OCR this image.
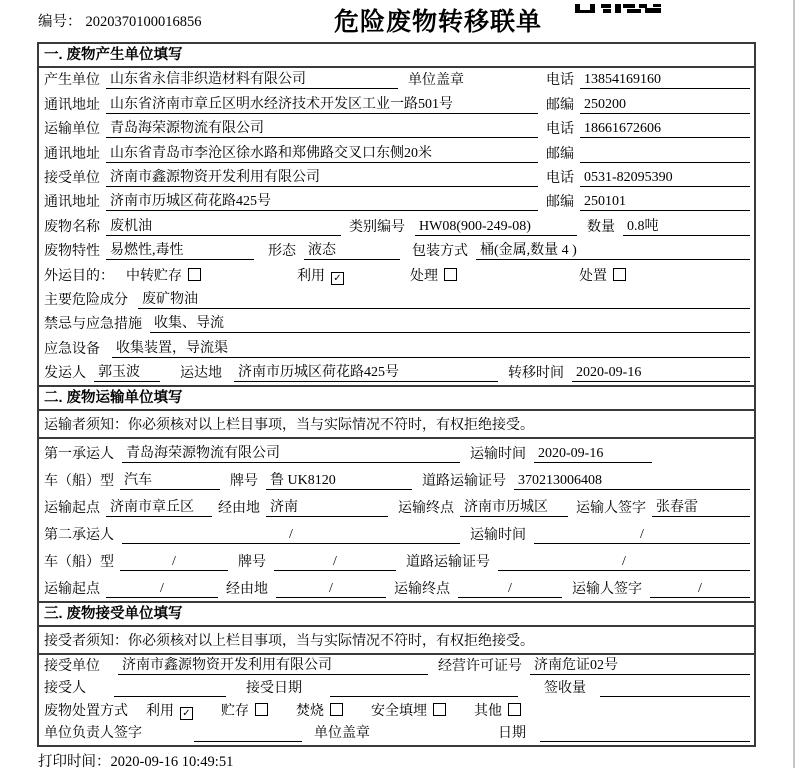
编号： 2020370100016856	危险废物转移联单
一. 废物产生单位填写
产生单位 山东省永信非织造材料有限公司	单位盖章	电话 13854169160
通讯地址 山东省济南市章丘区明水经济技术开发区工业一路501号	邮编 250200
运输单位 青岛海荣源物流有限公司	电话 18661672606
通讯地址 山东省青岛市李沧区徐水路和郑佛路交叉口东侧20米	邮编
接受单位 济南市鑫源物资开发利用有限公司	电话 0531-82095390
通讯地址 济南市历城区荷花路425号	邮编 250101
废物名称 废机油	类别编号 HW08(900-249-08)	数量 0.8吨
废物特性 易燃性,毒性	形态 液态	包装方式 桶(金属,数量 4 )
外运目的： 中转贮存	利用 ✓	处理	处置
主要危险成分 废矿物油
禁忌与应急措施 收集、导流
应急设备 收集装置，导流渠
发运人 郭玉波	运达地 济南市历城区荷花路425号	转移时间 2020-09-16
二. 废物运输单位填写
运输者须知：你必须核对以上栏目事项，当与实际情况不符时，有权拒绝接受。
第一承运人 青岛海荣源物流有限公司	运输时间 2020-09-16
车（船）型 汽车	牌号 鲁 UK8120	道路运输证号 370213006408
运输起点 济南市章丘区	经由地 济南	运输终点 济南市历城区	运输人签字 张春雷
第二承运人	/	运输时间	/
车（船）型	/	牌号	/	道路运输证号	/
运输起点	/	经由地	/	运输终点	/	运输人签字	/
三. 废物接受单位填写
接受者须知：你必须核对以上栏目事项，当与实际情况不符时，有权拒绝接受。
接受单位 济南市鑫源物资开发利用有限公司	经营许可证号 济南危证02号
接受人	接受日期	签收量
废物处置方式 利用 ✓ 贮存	焚烧	安全填埋	其他
单位负责人签字	单位盖章	日期
打印时间：2020-09-16 10:49:51
